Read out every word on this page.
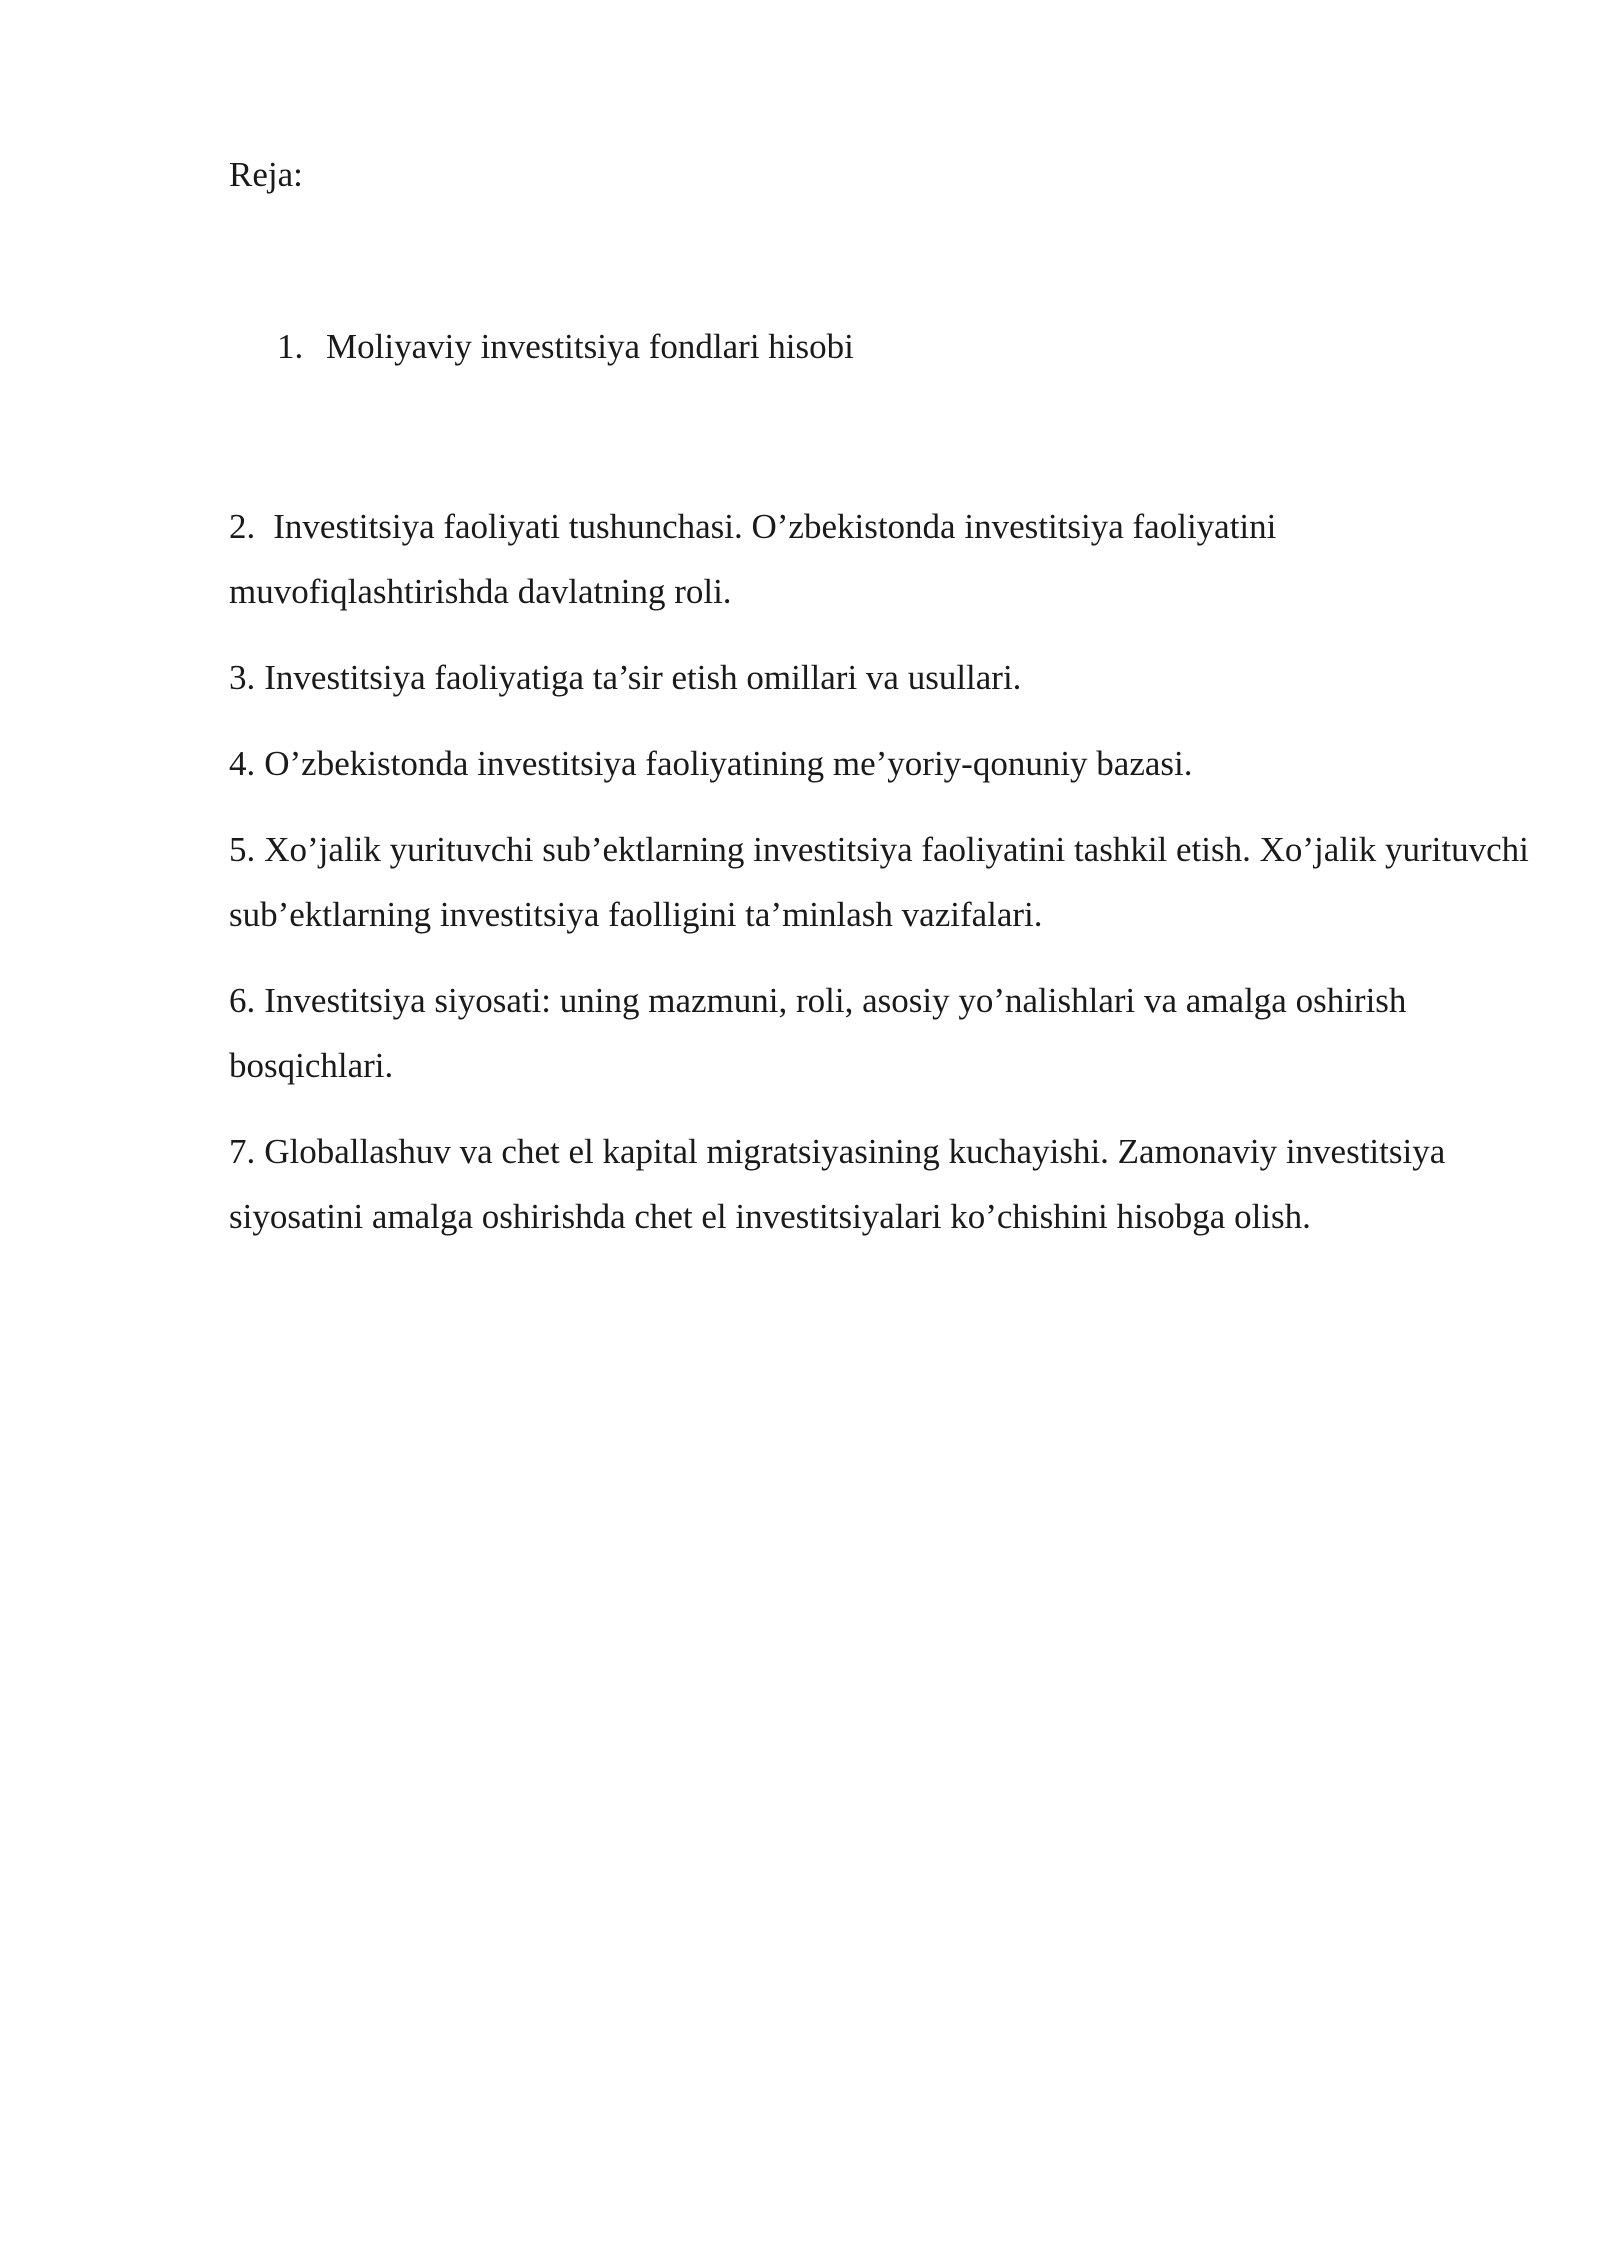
Reja:

1. Moliyaviy investitsiya fondlari hisobi

2. Investitsiya faoliyati tushunchasi. O’zbekistonda investitsiya faoliyatini muvofiqlashtirishda davlatning roli.
3. Investitsiya faoliyatiga ta’sir etish omillari va usullari.
4. O’zbekistonda investitsiya faoliyatining me’yoriy-qonuniy bazasi.
5. Xo’jalik yurituvchi sub’ektlarning investitsiya faoliyatini tashkil etish. Xo’jalik yurituvchi sub’ektlarning investitsiya faolligini ta’minlash vazifalari.
6. Investitsiya siyosati: uning mazmuni, roli, asosiy yo’nalishlari va amalga oshirish bosqichlari.
7. Globallashuv va chet el kapital migratsiyasining kuchayishi. Zamonaviy investitsiya siyosatini amalga oshirishda chet el investitsiyalari ko’chishini hisobga olish.
